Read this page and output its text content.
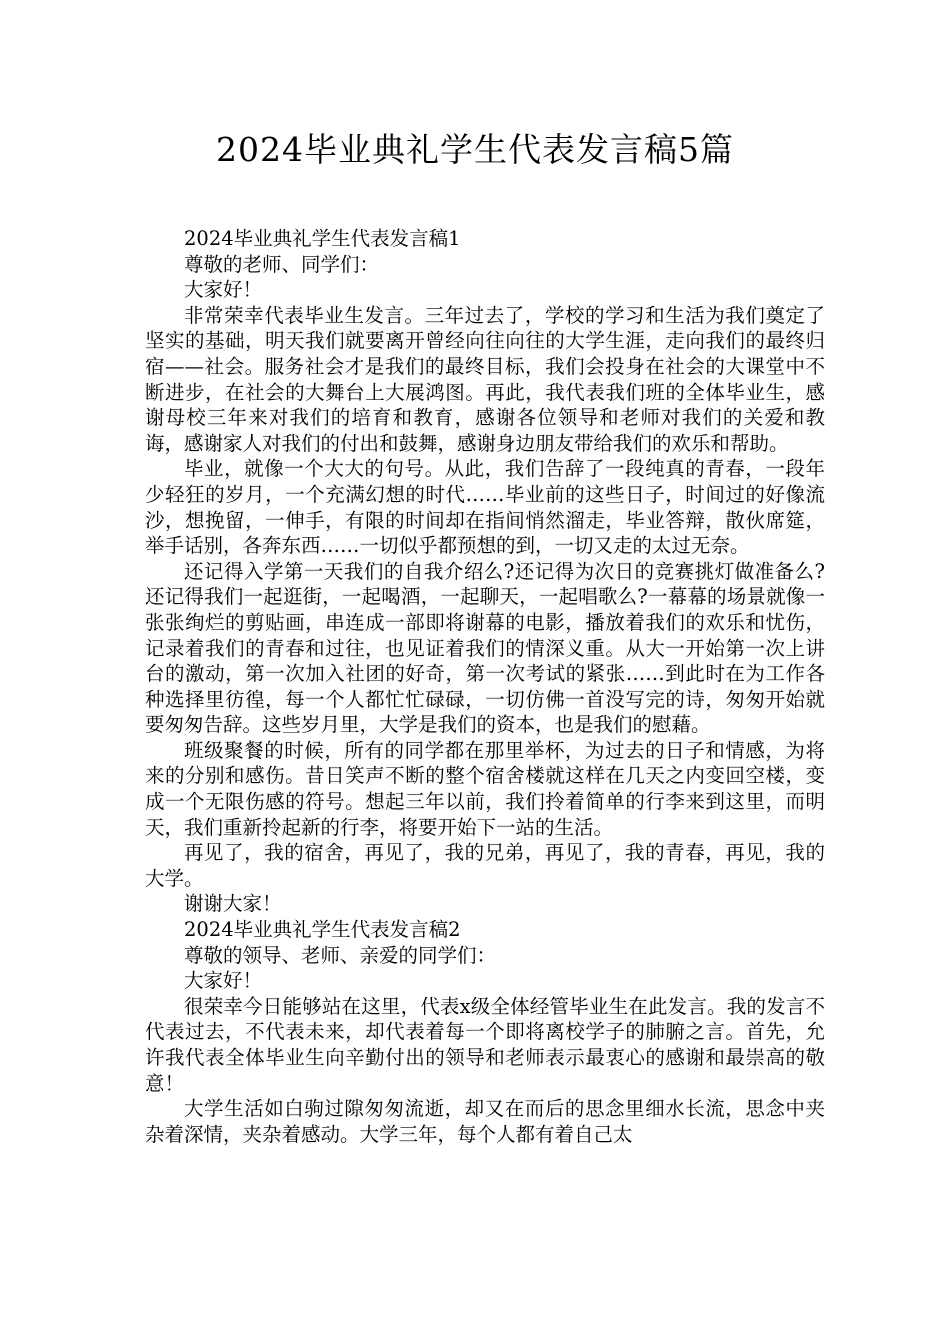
2024毕业典礼学生代表发言稿5篇

2024毕业典礼学生代表发言稿1

尊敬的老师、同学们：

大家好！

非常荣幸代表毕业生发言。三年过去了，学校的学习和生活为我们奠定了坚实的基础，明天我们就要离开曾经向往向往的大学生涯，走向我们的最终归宿——社会。服务社会才是我们的最终目标，我们会投身在社会的大课堂中不断进步，在社会的大舞台上大展鸿图。再此，我代表我们班的全体毕业生，感谢母校三年来对我们的培育和教育，感谢各位领导和老师对我们的关爱和教诲，感谢家人对我们的付出和鼓舞，感谢身边朋友带给我们的欢乐和帮助。

毕业，就像一个大大的句号。从此，我们告辞了一段纯真的青春，一段年少轻狂的岁月，一个充满幻想的时代……毕业前的这些日子，时间过的好像流沙，想挽留，一伸手，有限的时间却在指间悄然溜走，毕业答辩，散伙席筵，举手话别，各奔东西……一切似乎都预想的到，一切又走的太过无奈。

还记得入学第一天我们的自我介绍么?还记得为次日的竞赛挑灯做准备么?还记得我们一起逛街，一起喝酒，一起聊天，一起唱歌么?一幕幕的场景就像一张张绚烂的剪贴画，串连成一部即将谢幕的电影，播放着我们的欢乐和忧伤，记录着我们的青春和过往，也见证着我们的情深义重。从大一开始第一次上讲台的激动，第一次加入社团的好奇，第一次考试的紧张……到此时在为工作各种选择里彷徨，每一个人都忙忙碌碌，一切仿佛一首没写完的诗，匆匆开始就要匆匆告辞。这些岁月里，大学是我们的资本，也是我们的慰藉。

班级聚餐的时候，所有的同学都在那里举杯，为过去的日子和情感，为将来的分别和感伤。昔日笑声不断的整个宿舍楼就这样在几天之内变回空楼，变成一个无限伤感的符号。想起三年以前，我们拎着简单的行李来到这里，而明天，我们重新拎起新的行李，将要开始下一站的生活。

再见了，我的宿舍，再见了，我的兄弟，再见了，我的青春，再见，我的大学。

谢谢大家！

2024毕业典礼学生代表发言稿2

尊敬的领导、老师、亲爱的同学们：

大家好！

很荣幸今日能够站在这里，代表x级全体经管毕业生在此发言。我的发言不代表过去，不代表未来，却代表着每一个即将离校学子的肺腑之言。首先，允许我代表全体毕业生向辛勤付出的领导和老师表示最衷心的感谢和最崇高的敬意！

大学生活如白驹过隙匆匆流逝，却又在而后的思念里细水长流，思念中夹杂着深情，夹杂着感动。大学三年，每个人都有着自己太
